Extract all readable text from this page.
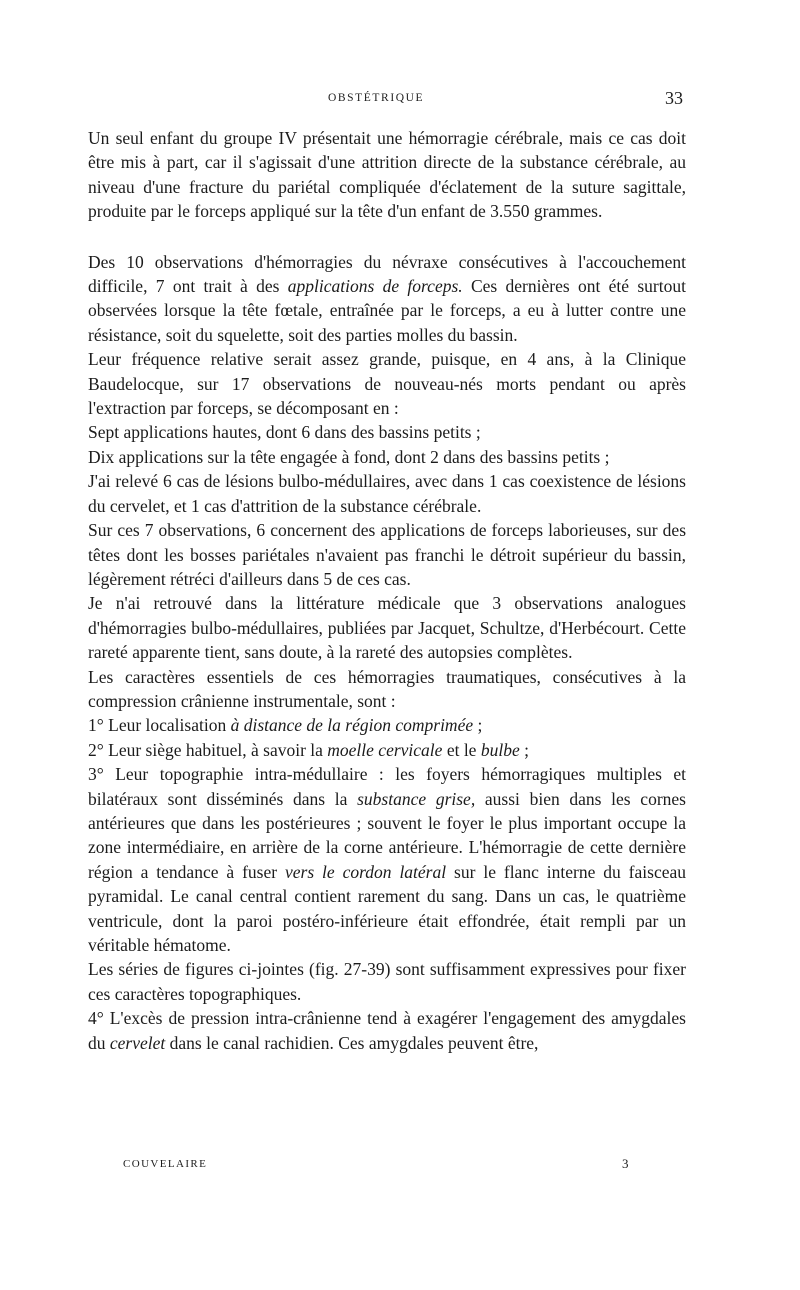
OBSTÉTRIQUE	33

Un seul enfant du groupe IV présentait une hémorragie cérébrale, mais ce cas doit être mis à part, car il s'agissait d'une attrition directe de la substance cérébrale, au niveau d'une fracture du pariétal compliquée d'éclatement de la suture sagittale, produite par le forceps appliqué sur la tête d'un enfant de 3.550 grammes.

Des 10 observations d'hémorragies du névraxe consécutives à l'accouchement difficile, 7 ont trait à des applications de forceps. Ces dernières ont été surtout observées lorsque la tête fœtale, entraînée par le forceps, a eu à lutter contre une résistance, soit du squelette, soit des parties molles du bassin.

Leur fréquence relative serait assez grande, puisque, en 4 ans, à la Clinique Baudelocque, sur 17 observations de nouveau-nés morts pendant ou après l'extraction par forceps, se décomposant en :

Sept applications hautes, dont 6 dans des bassins petits ;

Dix applications sur la tête engagée à fond, dont 2 dans des bassins petits ;

J'ai relevé 6 cas de lésions bulbo-médullaires, avec dans 1 cas coexistence de lésions du cervelet, et 1 cas d'attrition de la substance cérébrale.

Sur ces 7 observations, 6 concernent des applications de forceps laborieuses, sur des têtes dont les bosses pariétales n'avaient pas franchi le détroit supérieur du bassin, légèrement rétréci d'ailleurs dans 5 de ces cas.

Je n'ai retrouvé dans la littérature médicale que 3 observations analogues d'hémorragies bulbo-médullaires, publiées par Jacquet, Schultze, d'Herbécourt. Cette rareté apparente tient, sans doute, à la rareté des autopsies complètes.

Les caractères essentiels de ces hémorragies traumatiques, consécutives à la compression crânienne instrumentale, sont :

1° Leur localisation à distance de la région comprimée ;

2° Leur siège habituel, à savoir la moelle cervicale et le bulbe ;

3° Leur topographie intra-médullaire : les foyers hémorragiques multiples et bilatéraux sont disséminés dans la substance grise, aussi bien dans les cornes antérieures que dans les postérieures ; souvent le foyer le plus important occupe la zone intermédiaire, en arrière de la corne antérieure. L'hémorragie de cette dernière région a tendance à fuser vers le cordon latéral sur le flanc interne du faisceau pyramidal. Le canal central contient rarement du sang. Dans un cas, le quatrième ventricule, dont la paroi postéro-inférieure était effondrée, était rempli par un véritable hématome.

Les séries de figures ci-jointes (fig. 27-39) sont suffisamment expressives pour fixer ces caractères topographiques.

4° L'excès de pression intra-crânienne tend à exagérer l'engagement des amygdales du cervelet dans le canal rachidien. Ces amygdales peuvent être,

COUVELAIRE	3
